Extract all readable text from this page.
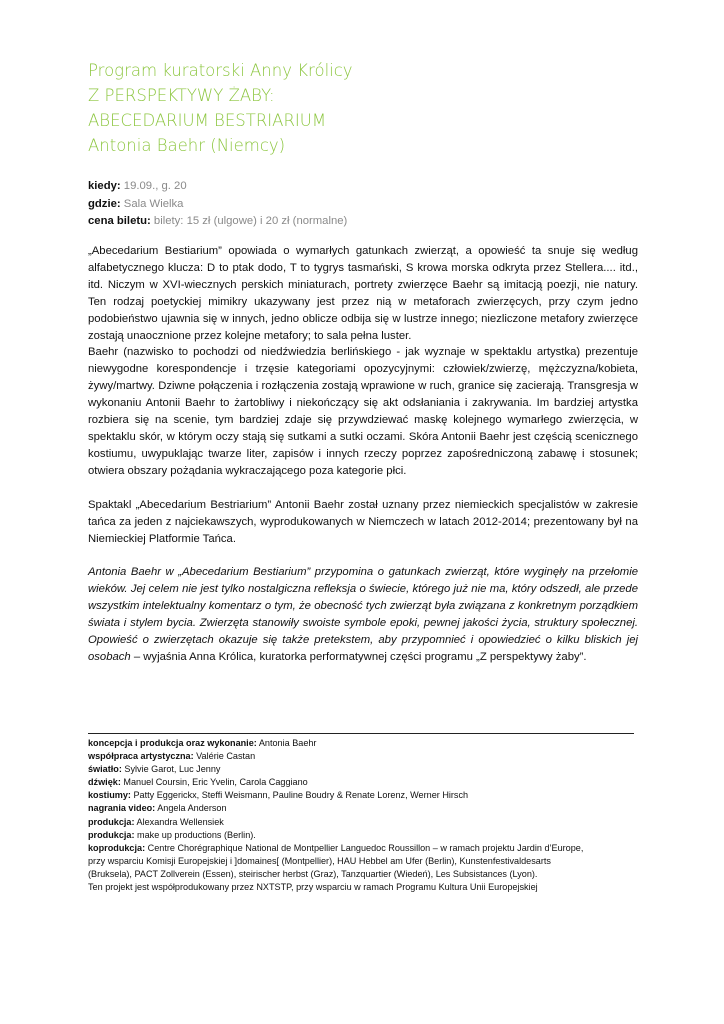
Program kuratorski Anny Królicy
Z PERSPEKTYWY ŻABY:
ABECEDARIUM BESTRIARIUM
Antonia Baehr (Niemcy)
kiedy: 19.09., g. 20
gdzie: Sala Wielka
cena biletu: bilety: 15 zł (ulgowe) i 20 zł (normalne)

„Abecedarium Bestiarium” opowiada o wymarłych gatunkach zwierząt, a opowieść ta snuje się według alfabetycznego klucza: D to ptak dodo, T to tygrys tasmański, S krowa morska odkryta przez Stellera.... itd., itd. Niczym w XVI-wiecznych perskich miniaturach, portrety zwierzęce Baehr są imitacją poezji, nie natury. Ten rodzaj poetyckiej mimikry ukazywany jest przez nią w metaforach zwierzęcych, przy czym jedno podobieństwo ujawnia się w innych, jedno oblicze odbija się w lustrze innego; niezliczone metafory zwierzęce zostają unaocznione przez kolejne metafory; to sala pełna luster.

Baehr (nazwisko to pochodzi od niedźwiedzia berlińskiego - jak wyznaje w spektaklu artystka) prezentuje niewygodne korespondencje i trzęsie kategoriami opozycyjnymi: człowiek/zwierzę, mężczyzna/kobieta, żywy/martwy. Dziwne połączenia i rozłączenia zostają wprawione w ruch, granice się zacierają. Transgresja w wykonaniu Antonii Baehr to żartobliwy i niekończący się akt odsłaniania i zakrywania. Im bardziej artystka rozbiera się na scenie, tym bardziej zdaje się przywdziewać maskę kolejnego wymarłego zwierzęcia, w spektaklu skór, w którym oczy stają się sutkami a sutki oczami. Skóra Antonii Baehr jest częścią scenicznego kostiumu, uwypuklając twarze liter, zapisów i innych rzeczy poprzez zapośredniczoną zabawę i stosunek; otwiera obszary pożądania wykraczającego poza kategorie płci.

Spaktakl „Abecedarium Bestriarium” Antonii Baehr został uznany przez niemieckich specjalistów w zakresie tańca za jeden z najciekawszych, wyprodukowanych w Niemczech w latach 2012-2014; prezentowany był na Niemieckiej Platformie Tańca.

Antonia Baehr w „Abecedarium Bestiarium” przypomina o gatunkach zwierząt, które wyginęły na przełomie wieków. Jej celem nie jest tylko nostalgiczna refleksja o świecie, którego już nie ma, który odszedł, ale przede wszystkim intelektualny komentarz o tym, że obecność tych zwierząt była związana z konkretnym porządkiem świata i stylem bycia. Zwierzęta stanowiły swoiste symbole epoki, pewnej jakości życia, struktury społecznej. Opowieść o zwierzętach okazuje się także pretekstem, aby przypomnieć i opowiedzieć o kilku bliskich jej osobach – wyjaśnia Anna Królica, kuratorka performatywnej części programu „Z perspektywy żaby”.

koncepcja i produkcja oraz wykonanie: Antonia Baehr
współpraca artystyczna: Valérie Castan
światło: Sylvie Garot, Luc Jenny
dźwięk: Manuel Coursin, Eric Yvelin, Carola Caggiano
kostiumy: Patty Eggerickx, Steffi Weismann, Pauline Boudry & Renate Lorenz, Werner Hirsch
nagrania video: Angela Anderson
produkcja: Alexandra Wellensiek
produkcja: make up productions (Berlin).
koprodukcja: Centre Chorégraphique National de Montpellier Languedoc Roussillon – w ramach projektu Jardin d’Europe,
przy wsparciu Komisji Europejskiej i ]domaines[ (Montpellier), HAU Hebbel am Ufer (Berlin), Kunstenfestivaldesarts
(Bruksela), PACT Zollverein (Essen), steirischer herbst (Graz), Tanzquartier (Wiedeń), Les Subsistances (Lyon).
Ten projekt jest współprodukowany przez NXTSTP, przy wsparciu w ramach Programu Kultura Unii Europejskiej
